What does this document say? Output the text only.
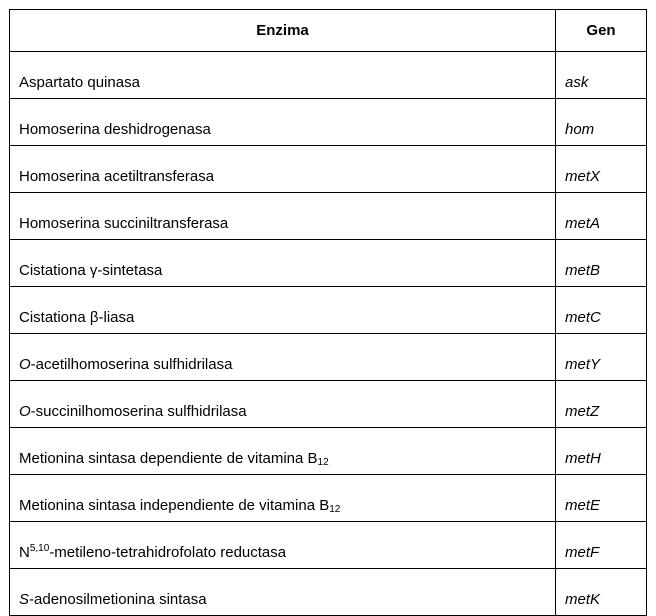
Enzima	Gen
Aspartato quinasa	ask
Homoserina deshidrogenasa	hom
Homoserina acetiltransferasa	metX
Homoserina succiniltransferasa	metA
Cistationa γ-sintetasa	metB
Cistationa β-liasa	metC
O-acetilhomoserina sulfhidrilasa	metY
O-succinilhomoserina sulfhidrilasa	metZ
Metionina sintasa dependiente de vitamina $B_{12}$	metH
Metionina sintasa independiente de vitamina $B_{12}$	metE
N$^{5,10}$-metileno-tetrahidrofolato reductasa	metF
S-adenosilmetionina sintasa	metK
